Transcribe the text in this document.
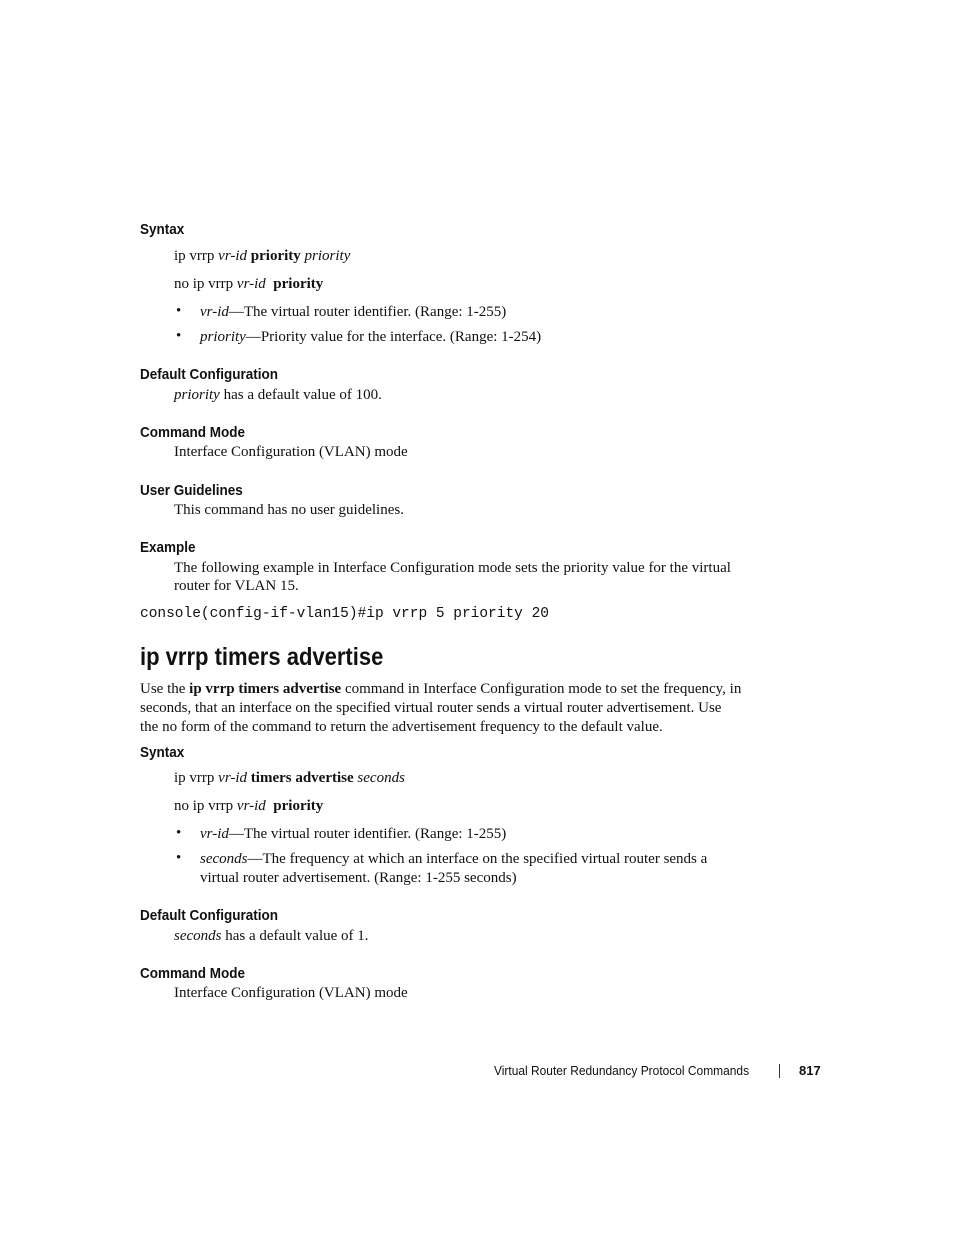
Syntax
ip vrrp vr-id priority priority
no ip vrrp vr-id priority
• vr-id—The virtual router identifier. (Range: 1-255)
• priority—Priority value for the interface. (Range: 1-254)
Default Configuration
priority has a default value of 100.
Command Mode
Interface Configuration (VLAN) mode
User Guidelines
This command has no user guidelines.
Example
The following example in Interface Configuration mode sets the priority value for the virtual
router for VLAN 15.
console(config-if-vlan15)#ip vrrp 5 priority 20
ip vrrp timers advertise
Use the ip vrrp timers advertise command in Interface Configuration mode to set the frequency, in
seconds, that an interface on the specified virtual router sends a virtual router advertisement. Use
the no form of the command to return the advertisement frequency to the default value.
Syntax
ip vrrp vr-id timers advertise seconds
no ip vrrp vr-id priority
• vr-id—The virtual router identifier. (Range: 1-255)
• seconds—The frequency at which an interface on the specified virtual router sends a
virtual router advertisement. (Range: 1-255 seconds)
Default Configuration
seconds has a default value of 1.
Command Mode
Interface Configuration (VLAN) mode
Virtual Router Redundancy Protocol Commands	817
